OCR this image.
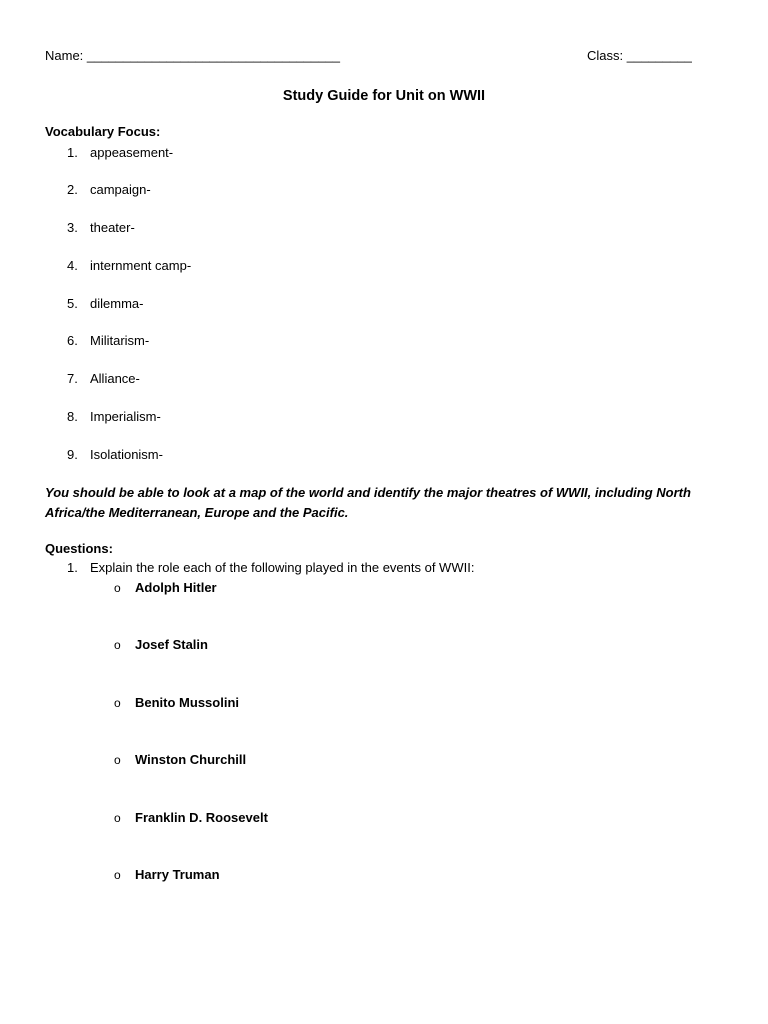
Name: ___________________________________	Class: _________
Study Guide for Unit on WWII
Vocabulary Focus:
1. appeasement-
2. campaign-
3. theater-
4. internment camp-
5. dilemma-
6. Militarism-
7. Alliance-
8. Imperialism-
9. Isolationism-
You should be able to look at a map of the world and identify the major theatres of WWII, including North Africa/the Mediterranean, Europe and the Pacific.
Questions:
1. Explain the role each of the following played in the events of WWII:
o Adolph Hitler
o Josef Stalin
o Benito Mussolini
o Winston Churchill
o Franklin D. Roosevelt
o Harry Truman
